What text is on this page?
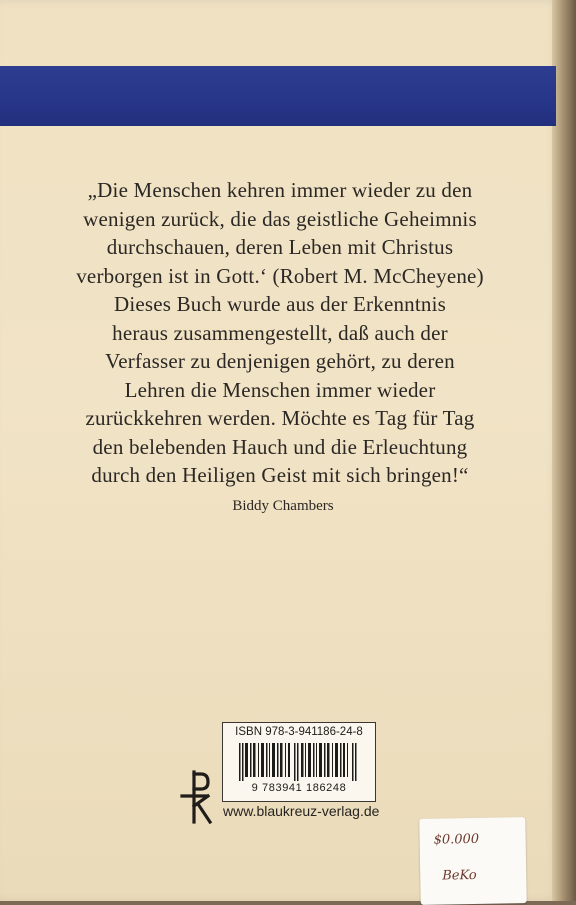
„Die Menschen kehren immer wieder zu den
wenigen zurück, die das geistliche Geheimnis
durchschauen, deren Leben mit Christus
verborgen ist in Gott.‘ (Robert M. McCheyene)
Dieses Buch wurde aus der Erkenntnis
heraus zusammengestellt, daß auch der
Verfasser zu denjenigen gehört, zu deren
Lehren die Menschen immer wieder
zurückkehren werden. Möchte es Tag für Tag
den belebenden Hauch und die Erleuchtung
durch den Heiligen Geist mit sich bringen!“
Biddy Chambers
ISBN 978-3-941186-24-8
9 783941 186248
www.blaukreuz-verlag.de
$0.000
BeKo
